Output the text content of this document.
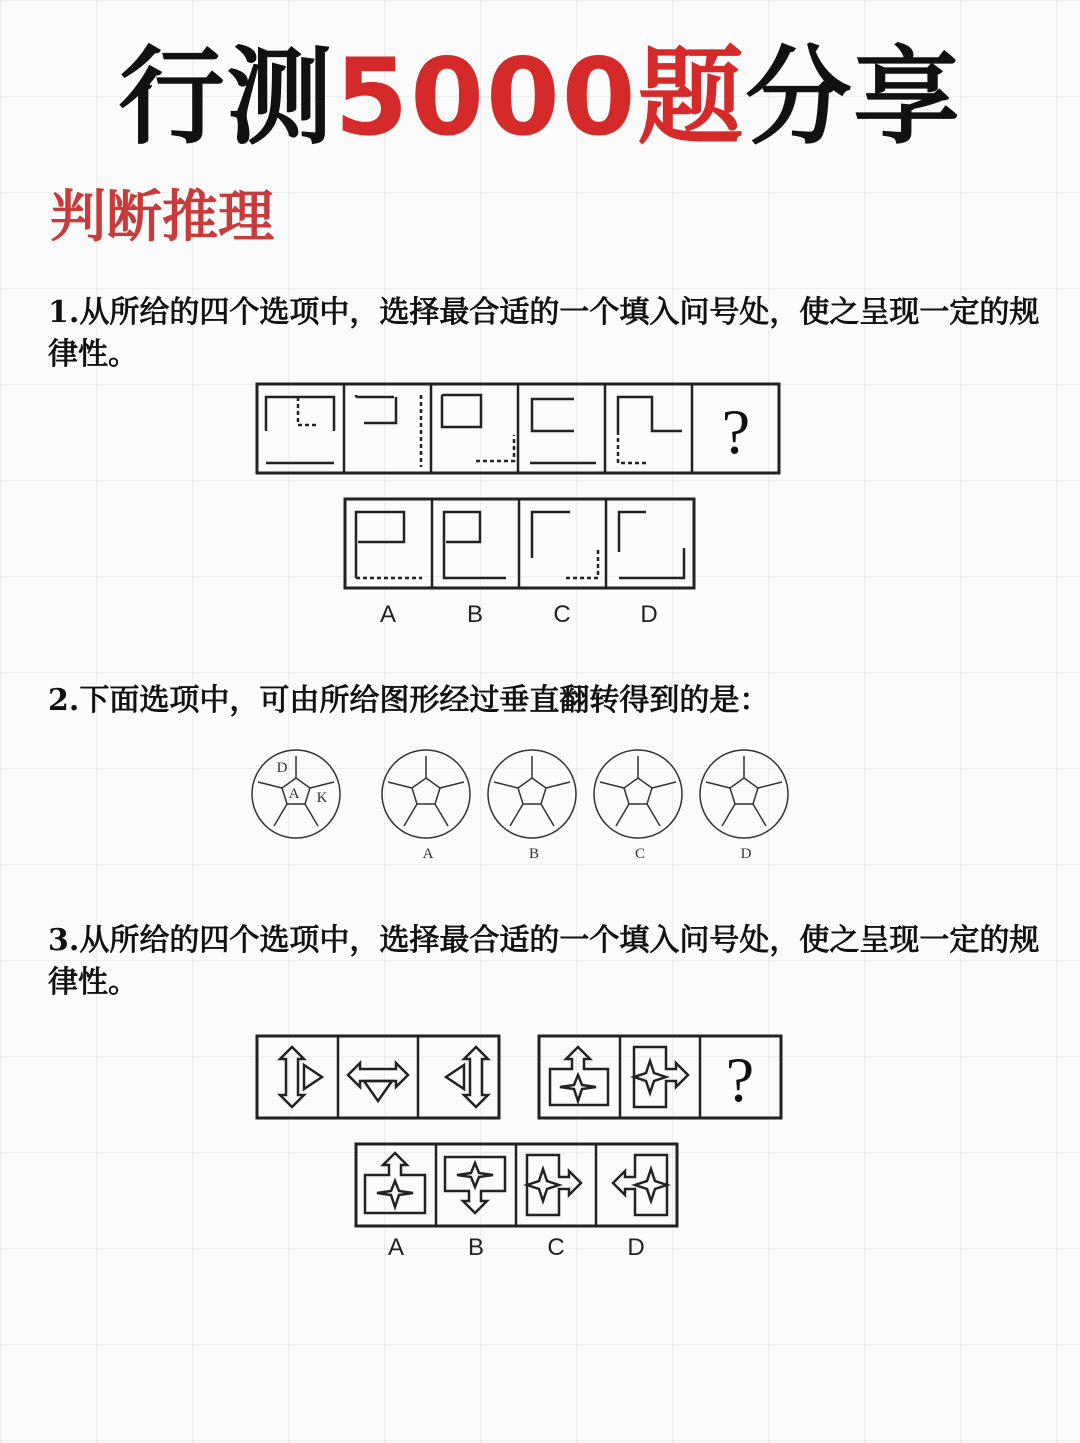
行测5000题分享
判断推理
1.从所给的四个选项中，选择最合适的一个填入问号处，使之呈现一定的规律性。
?
A	B	C	D
2.下面选项中，可由所给图形经过垂直翻转得到的是：
D
A K
A	B	C	D
3.从所给的四个选项中，选择最合适的一个填入问号处，使之呈现一定的规律性。
?
A	B	C	D
